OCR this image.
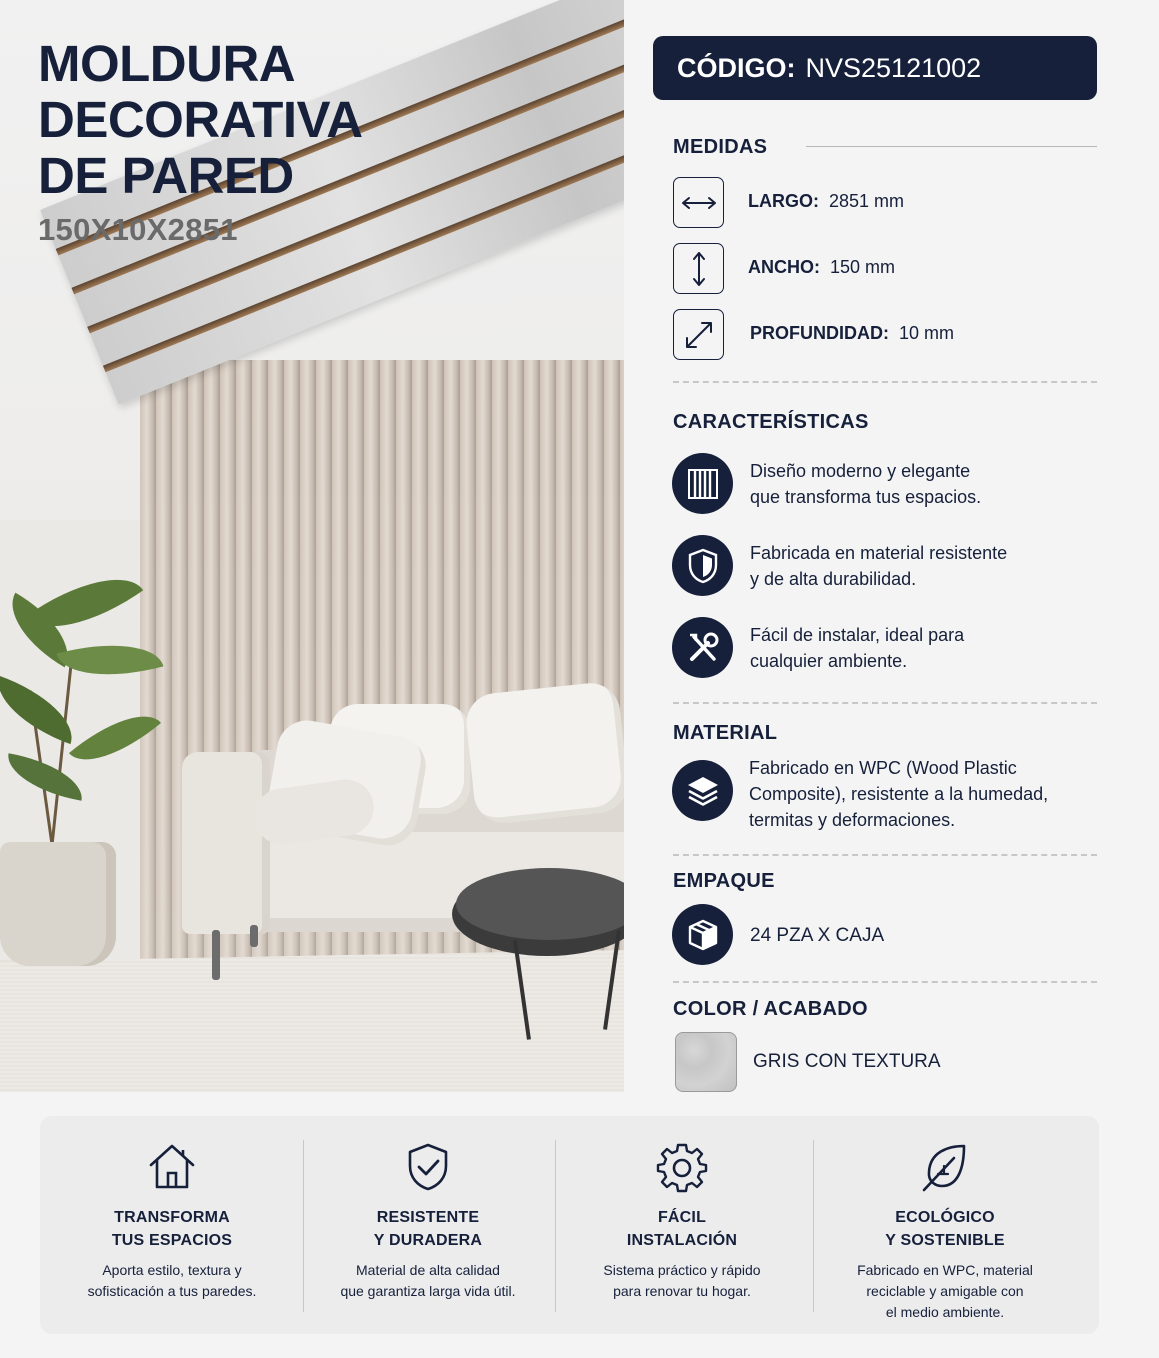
MOLDURA DECORATIVA
DE PARED
150X10X2851
CÓDIGO: NVS25121002
MEDIDAS
LARGO: 2851 mm
ANCHO: 150 mm
PROFUNDIDAD: 10 mm
CARACTERÍSTICAS
Diseño moderno y elegante
que transforma tus espacios.
Fabricada en material resistente
y de alta durabilidad.
Fácil de instalar, ideal para
cualquier ambiente.
MATERIAL
Fabricado en WPC (Wood Plastic
Composite), resistente a la humedad,
termitas y deformaciones.
EMPAQUE
24 PZA X CAJA
COLOR / ACABADO
GRIS CON TEXTURA
TRANSFORMA
TUS ESPACIOS
Aporta estilo, textura y
sofisticación a tus paredes.
RESISTENTE
Y DURADERA
Material de alta calidad
que garantiza larga vida útil.
FÁCIL
INSTALACIÓN
Sistema práctico y rápido
para renovar tu hogar.
ECOLÓGICO
Y SOSTENIBLE
Fabricado en WPC, material
reciclable y amigable con
el medio ambiente.
